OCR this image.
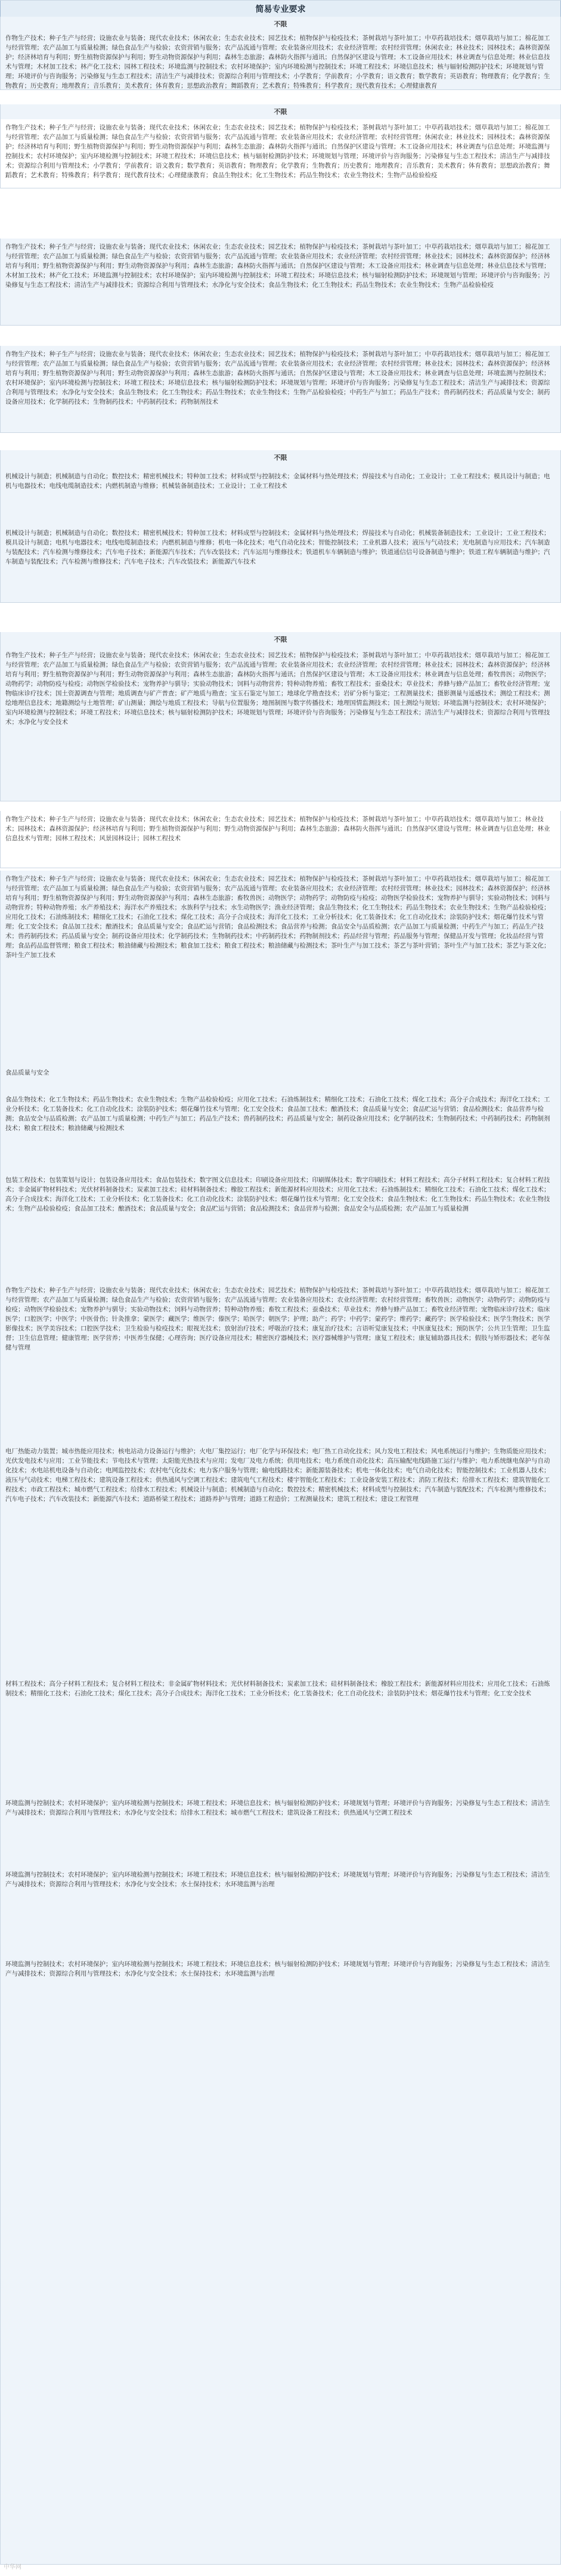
简易专业要求
不限
作物生产技术；种子生产与经营；设施农业与装备；现代农业技术；休闲农业；生态农业技术；园艺技术；植物保护与检疫技术；茶树栽培与茶叶加工；中草药栽培技术；烟草栽培与加工；棉花加工与经营管理；农产品加工与质量检测；绿色食品生产与检验；农资营销与服务；农产品流通与管理；农业装备应用技术；农业经济管理；农村经营管理；休闲农业；林业技术；园林技术；森林资源保护；经济林培育与利用；野生植物资源保护与利用；野生动物资源保护与利用；森林生态旅游；森林防火指挥与通讯；自然保护区建设与管理；木工设备应用技术；林业调查与信息处理；林业信息技术与管理；木材加工技术；林产化工技术；园林工程技术；环境监测与控制技术；农村环境保护；室内环境检测与控制技术；环境工程技术；环境信息技术；核与辐射检测防护技术；环境规划与管理；环境评价与咨询服务；污染修复与生态工程技术；清洁生产与减排技术；资源综合利用与管理技术；小学教育；学前教育；小学教育；语文教育；数学教育；英语教育；物理教育；化学教育；生物教育；历史教育；地理教育；音乐教育；美术教育；体育教育；思想政治教育；舞蹈教育；艺术教育；特殊教育；科学教育；现代教育技术；心理健康教育
不限
作物生产技术；种子生产与经营；设施农业与装备；现代农业技术；休闲农业；生态农业技术；园艺技术；植物保护与检疫技术；茶树栽培与茶叶加工；中草药栽培技术；烟草栽培与加工；棉花加工与经营管理；农产品加工与质量检测；绿色食品生产与检验；农资营销与服务；农产品流通与管理；农业装备应用技术；农业经济管理；农村经营管理；休闲农业；林业技术；园林技术；森林资源保护；经济林培育与利用；野生植物资源保护与利用；野生动物资源保护与利用；森林生态旅游；森林防火指挥与通讯；自然保护区建设与管理；木工设备应用技术；林业调查与信息处理；环境监测与控制技术；农村环境保护；室内环境检测与控制技术；环境工程技术；环境信息技术；核与辐射检测防护技术；环境规划与管理；环境评价与咨询服务；污染修复与生态工程技术；清洁生产与减排技术；资源综合利用与管理技术；小学教育；学前教育；语文教育；数学教育；英语教育；物理教育；化学教育；生物教育；历史教育；地理教育；音乐教育；美术教育；体育教育；思想政治教育；舞蹈教育；艺术教育；特殊教育；科学教育；现代教育技术；心理健康教育；食品生物技术；化工生物技术；药品生物技术；农业生物技术；生物产品检验检疫
作物生产技术；种子生产与经营；设施农业与装备；现代农业技术；休闲农业；生态农业技术；园艺技术；植物保护与检疫技术；茶树栽培与茶叶加工；中草药栽培技术；烟草栽培与加工；棉花加工与经营管理；农产品加工与质量检测；绿色食品生产与检验；农资营销与服务；农产品流通与管理；农业装备应用技术；农业经济管理；农村经营管理；林业技术；园林技术；森林资源保护；经济林培育与利用；野生植物资源保护与利用；野生动物资源保护与利用；森林生态旅游；森林防火指挥与通讯；自然保护区建设与管理；木工设备应用技术；林业调查与信息处理；林业信息技术与管理；木材加工技术；林产化工技术；环境监测与控制技术；农村环境保护；室内环境检测与控制技术；环境工程技术；环境信息技术；核与辐射检测防护技术；环境规划与管理；环境评价与咨询服务；污染修复与生态工程技术；清洁生产与减排技术；资源综合利用与管理技术；水净化与安全技术；食品生物技术；化工生物技术；药品生物技术；农业生物技术；生物产品检验检疫
作物生产技术；种子生产与经营；设施农业与装备；现代农业技术；休闲农业；生态农业技术；园艺技术；植物保护与检疫技术；茶树栽培与茶叶加工；中草药栽培技术；烟草栽培与加工；棉花加工与经营管理；农产品加工与质量检测；绿色食品生产与检验；农资营销与服务；农产品流通与管理；农业装备应用技术；农业经济管理；农村经营管理；林业技术；园林技术；森林资源保护；经济林培育与利用；野生植物资源保护与利用；野生动物资源保护与利用；森林生态旅游；森林防火指挥与通讯；自然保护区建设与管理；木工设备应用技术；林业调查与信息处理；环境监测与控制技术；农村环境保护；室内环境检测与控制技术；环境工程技术；环境信息技术；核与辐射检测防护技术；环境规划与管理；环境评价与咨询服务；污染修复与生态工程技术；清洁生产与减排技术；资源综合利用与管理技术；水净化与安全技术；食品生物技术；化工生物技术；药品生物技术；农业生物技术；生物产品检验检疫；中药生产与加工；药品生产技术；兽药制药技术；药品质量与安全；制药设备应用技术；化学制药技术；生物制药技术；中药制药技术；药物制剂技术
不限
机械设计与制造；机械制造与自动化；数控技术；精密机械技术；特种加工技术；材料成型与控制技术；金属材料与热处理技术；焊接技术与自动化；工业设计；工业工程技术；模具设计与制造；电机与电器技术；电线电缆制造技术；内燃机制造与维修；机械装备制造技术；工业设计；工业工程技术
机械设计与制造；机械制造与自动化；数控技术；精密机械技术；特种加工技术；材料成型与控制技术；金属材料与热处理技术；焊接技术与自动化；机械装备制造技术；工业设计；工业工程技术；模具设计与制造；电机与电器技术；电线电缆制造技术；内燃机制造与维修；机电一体化技术；电气自动化技术；智能控制技术；工业机器人技术；液压与气动技术；光电制造与应用技术；汽车制造与装配技术；汽车检测与维修技术；汽车电子技术；新能源汽车技术；汽车改装技术；汽车运用与维修技术；铁道机车车辆制造与维护；铁道通信信号设备制造与维护；铁道工程车辆制造与维护；汽车制造与装配技术；汽车检测与维修技术；汽车电子技术；汽车改装技术；新能源汽车技术
不限
作物生产技术；种子生产与经营；设施农业与装备；现代农业技术；休闲农业；生态农业技术；园艺技术；植物保护与检疫技术；茶树栽培与茶叶加工；中草药栽培技术；烟草栽培与加工；棉花加工与经营管理；农产品加工与质量检测；绿色食品生产与检验；农资营销与服务；农产品流通与管理；农业装备应用技术；农业经济管理；农村经营管理；林业技术；园林技术；森林资源保护；经济林培育与利用；野生植物资源保护与利用；野生动物资源保护与利用；森林生态旅游；森林防火指挥与通讯；自然保护区建设与管理；木工设备应用技术；林业调查与信息处理；畜牧兽医；动物医学；动物药学；动物防疫与检疫；动物医学检验技术；宠物养护与驯导；实验动物技术；饲料与动物营养；特种动物养殖；畜牧工程技术；蚕桑技术；草业技术；养蜂与蜂产品加工；畜牧业经济管理；宠物临床诊疗技术；国土资源调查与管理；地质调查与矿产普查；矿产地质与勘查；宝玉石鉴定与加工；地球化学勘查技术；岩矿分析与鉴定；工程测量技术；摄影测量与遥感技术；测绘工程技术；测绘地理信息技术；地籍测绘与土地管理；矿山测量；测绘与地质工程技术；导航与位置服务；地图制图与数字传播技术；地理国情监测技术；国土测绘与规划；环境监测与控制技术；农村环境保护；室内环境检测与控制技术；环境工程技术；环境信息技术；核与辐射检测防护技术；环境规划与管理；环境评价与咨询服务；污染修复与生态工程技术；清洁生产与减排技术；资源综合利用与管理技术；水净化与安全技术
作物生产技术；种子生产与经营；设施农业与装备；现代农业技术；休闲农业；生态农业技术；园艺技术；植物保护与检疫技术；茶树栽培与茶叶加工；中草药栽培技术；烟草栽培与加工；林业技术；园林技术；森林资源保护；经济林培育与利用；野生植物资源保护与利用；野生动物资源保护与利用；森林生态旅游；森林防火指挥与通讯；自然保护区建设与管理；林业调查与信息处理；林业信息技术与管理；园林工程技术；风景园林设计；园林工程技术
作物生产技术；种子生产与经营；设施农业与装备；现代农业技术；休闲农业；生态农业技术；园艺技术；植物保护与检疫技术；茶树栽培与茶叶加工；中草药栽培技术；烟草栽培与加工；棉花加工与经营管理；农产品加工与质量检测；绿色食品生产与检验；农资营销与服务；农产品流通与管理；农业装备应用技术；农业经济管理；农村经营管理；林业技术；园林技术；森林资源保护；经济林培育与利用；野生植物资源保护与利用；野生动物资源保护与利用；森林生态旅游；畜牧兽医；动物医学；动物药学；动物防疫与检疫；动物医学检验技术；宠物养护与驯导；实验动物技术；饲料与动物营养；特种动物养殖；水产养殖技术；海洋水产养殖技术；水族科学与技术；水生动物医学；渔业经济管理；食品生物技术；化工生物技术；药品生物技术；农业生物技术；生物产品检验检疫；应用化工技术；石油炼制技术；精细化工技术；石油化工技术；煤化工技术；高分子合成技术；海洋化工技术；工业分析技术；化工装备技术；化工自动化技术；涂装防护技术；烟花爆竹技术与管理；化工安全技术；食品加工技术；酿酒技术；食品质量与安全；食品贮运与营销；食品检测技术；食品营养与检测；食品安全与品质检测；农产品加工与质量检测；中药生产与加工；药品生产技术；兽药制药技术；药品质量与安全；制药设备应用技术；化学制药技术；生物制药技术；中药制药技术；药物制剂技术；药品经营与管理；药品服务与管理；保健品开发与管理；化妆品经营与管理；食品药品监督管理；粮食工程技术；粮油储藏与检测技术；粮食加工技术；粮食工程技术；粮油储藏与检测技术；茶叶生产与加工技术；茶艺与茶叶营销；茶叶生产与加工技术；茶艺与茶文化；茶叶生产加工技术
食品质量与安全
食品生物技术；化工生物技术；药品生物技术；农业生物技术；生物产品检验检疫；应用化工技术；石油炼制技术；精细化工技术；石油化工技术；煤化工技术；高分子合成技术；海洋化工技术；工业分析技术；化工装备技术；化工自动化技术；涂装防护技术；烟花爆竹技术与管理；化工安全技术；食品加工技术；酿酒技术；食品质量与安全；食品贮运与营销；食品检测技术；食品营养与检测；食品安全与品质检测；农产品加工与质量检测；中药生产与加工；药品生产技术；兽药制药技术；药品质量与安全；制药设备应用技术；化学制药技术；生物制药技术；中药制药技术；药物制剂技术；粮食工程技术；粮油储藏与检测技术
包装工程技术；包装策划与设计；包装设备应用技术；食品包装技术；数字图文信息技术；印刷设备应用技术；印刷媒体技术；数字印刷技术；材料工程技术；高分子材料工程技术；复合材料工程技术；非金属矿物材料技术；光伏材料制备技术；炭素加工技术；硅材料制备技术；橡胶工程技术；新能源材料应用技术；应用化工技术；石油炼制技术；精细化工技术；石油化工技术；煤化工技术；高分子合成技术；海洋化工技术；工业分析技术；化工装备技术；化工自动化技术；涂装防护技术；烟花爆竹技术与管理；化工安全技术；食品生物技术；化工生物技术；药品生物技术；农业生物技术；生物产品检验检疫；食品加工技术；酿酒技术；食品质量与安全；食品贮运与营销；食品检测技术；食品营养与检测；食品安全与品质检测；农产品加工与质量检测
作物生产技术；种子生产与经营；设施农业与装备；现代农业技术；休闲农业；生态农业技术；园艺技术；植物保护与检疫技术；茶树栽培与茶叶加工；中草药栽培技术；烟草栽培与加工；棉花加工与经营管理；农产品加工与质量检测；绿色食品生产与检验；农资营销与服务；农产品流通与管理；农业装备应用技术；农业经济管理；农村经营管理；畜牧兽医；动物医学；动物药学；动物防疫与检疫；动物医学检验技术；宠物养护与驯导；实验动物技术；饲料与动物营养；特种动物养殖；畜牧工程技术；蚕桑技术；草业技术；养蜂与蜂产品加工；畜牧业经济管理；宠物临床诊疗技术；临床医学；口腔医学；中医学；中医骨伤；针灸推拿；蒙医学；藏医学；维医学；傣医学；哈医学；朝医学；护理；助产；药学；中药学；蒙药学；维药学；藏药学；医学检验技术；医学生物技术；医学影像技术；医学美容技术；口腔医学技术；卫生检验与检疫技术；眼视光技术；放射治疗技术；呼吸治疗技术；康复治疗技术；言语听觉康复技术；中医康复技术；预防医学；公共卫生管理；卫生监督；卫生信息管理；健康管理；医学营养；中医养生保健；心理咨询；医疗设备应用技术；精密医疗器械技术；医疗器械维护与管理；康复工程技术；康复辅助器具技术；假肢与矫形器技术；老年保健与管理
电厂热能动力装置；城市热能应用技术；核电站动力设备运行与维护；火电厂集控运行；电厂化学与环保技术；电厂热工自动化技术；风力发电工程技术；风电系统运行与维护；生物质能应用技术；光伏发电技术与应用；工业节能技术；节电技术与管理；太阳能光热技术与应用；发电厂及电力系统；供用电技术；电力系统自动化技术；高压输配电线路施工运行与维护；电力系统继电保护与自动化技术；水电站机电设备与自动化；电网监控技术；农村电气化技术；电力客户服务与管理；输电线路技术；新能源装备技术；机电一体化技术；电气自动化技术；智能控制技术；工业机器人技术；液压与气动技术；电梯工程技术；建筑设备工程技术；供热通风与空调工程技术；建筑电气工程技术；楼宇智能化工程技术；工业设备安装工程技术；消防工程技术；给排水工程技术；建筑智能化工程技术；市政工程技术；城市燃气工程技术；给排水工程技术；机械设计与制造；机械制造与自动化；数控技术；精密机械技术；材料成型与控制技术；汽车制造与装配技术；汽车检测与维修技术；汽车电子技术；汽车改装技术；新能源汽车技术；道路桥梁工程技术；道路养护与管理；道路工程造价；工程测量技术；建筑工程技术；建设工程管理
材料工程技术；高分子材料工程技术；复合材料工程技术；非金属矿物材料技术；光伏材料制备技术；炭素加工技术；硅材料制备技术；橡胶工程技术；新能源材料应用技术；应用化工技术；石油炼制技术；精细化工技术；石油化工技术；煤化工技术；高分子合成技术；海洋化工技术；工业分析技术；化工装备技术；化工自动化技术；涂装防护技术；烟花爆竹技术与管理；化工安全技术
环境监测与控制技术；农村环境保护；室内环境检测与控制技术；环境工程技术；环境信息技术；核与辐射检测防护技术；环境规划与管理；环境评价与咨询服务；污染修复与生态工程技术；清洁生产与减排技术；资源综合利用与管理技术；水净化与安全技术；给排水工程技术；城市燃气工程技术；建筑设备工程技术；供热通风与空调工程技术
环境监测与控制技术；农村环境保护；室内环境检测与控制技术；环境工程技术；环境信息技术；核与辐射检测防护技术；环境规划与管理；环境评价与咨询服务；污染修复与生态工程技术；清洁生产与减排技术；资源综合利用与管理技术；水净化与安全技术；水土保持技术；水环境监测与治理
环境监测与控制技术；农村环境保护；室内环境检测与控制技术；环境工程技术；环境信息技术；核与辐射检测防护技术；环境规划与管理；环境评价与咨询服务；污染修复与生态工程技术；清洁生产与减排技术；资源综合利用与管理技术；水净化与安全技术；水土保持技术；水环境监测与治理
中华网
